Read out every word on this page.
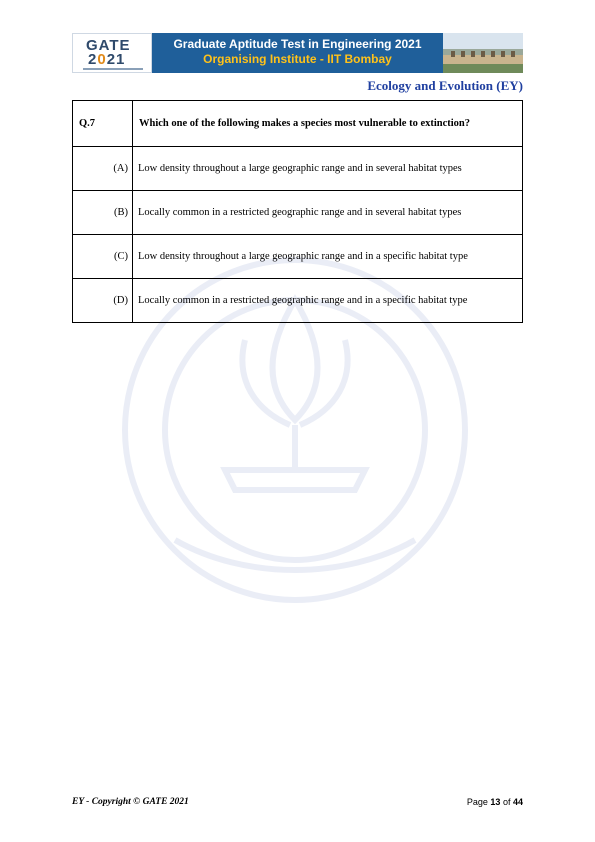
GATE
2021
Graduate Aptitude Test in Engineering 2021
Organising Institute - IIT Bombay
Ecology and Evolution (EY)
Q.7	Which one of the following makes a species most vulnerable to extinction?
(A)	Low density throughout a large geographic range and in several habitat types
(B)	Locally common in a restricted geographic range and in several habitat types
(C)	Low density throughout a large geographic range and in a specific habitat type
(D)	Locally common in a restricted geographic range and in a specific habitat type
EY - Copyright © GATE 2021	Page 13 of 44
